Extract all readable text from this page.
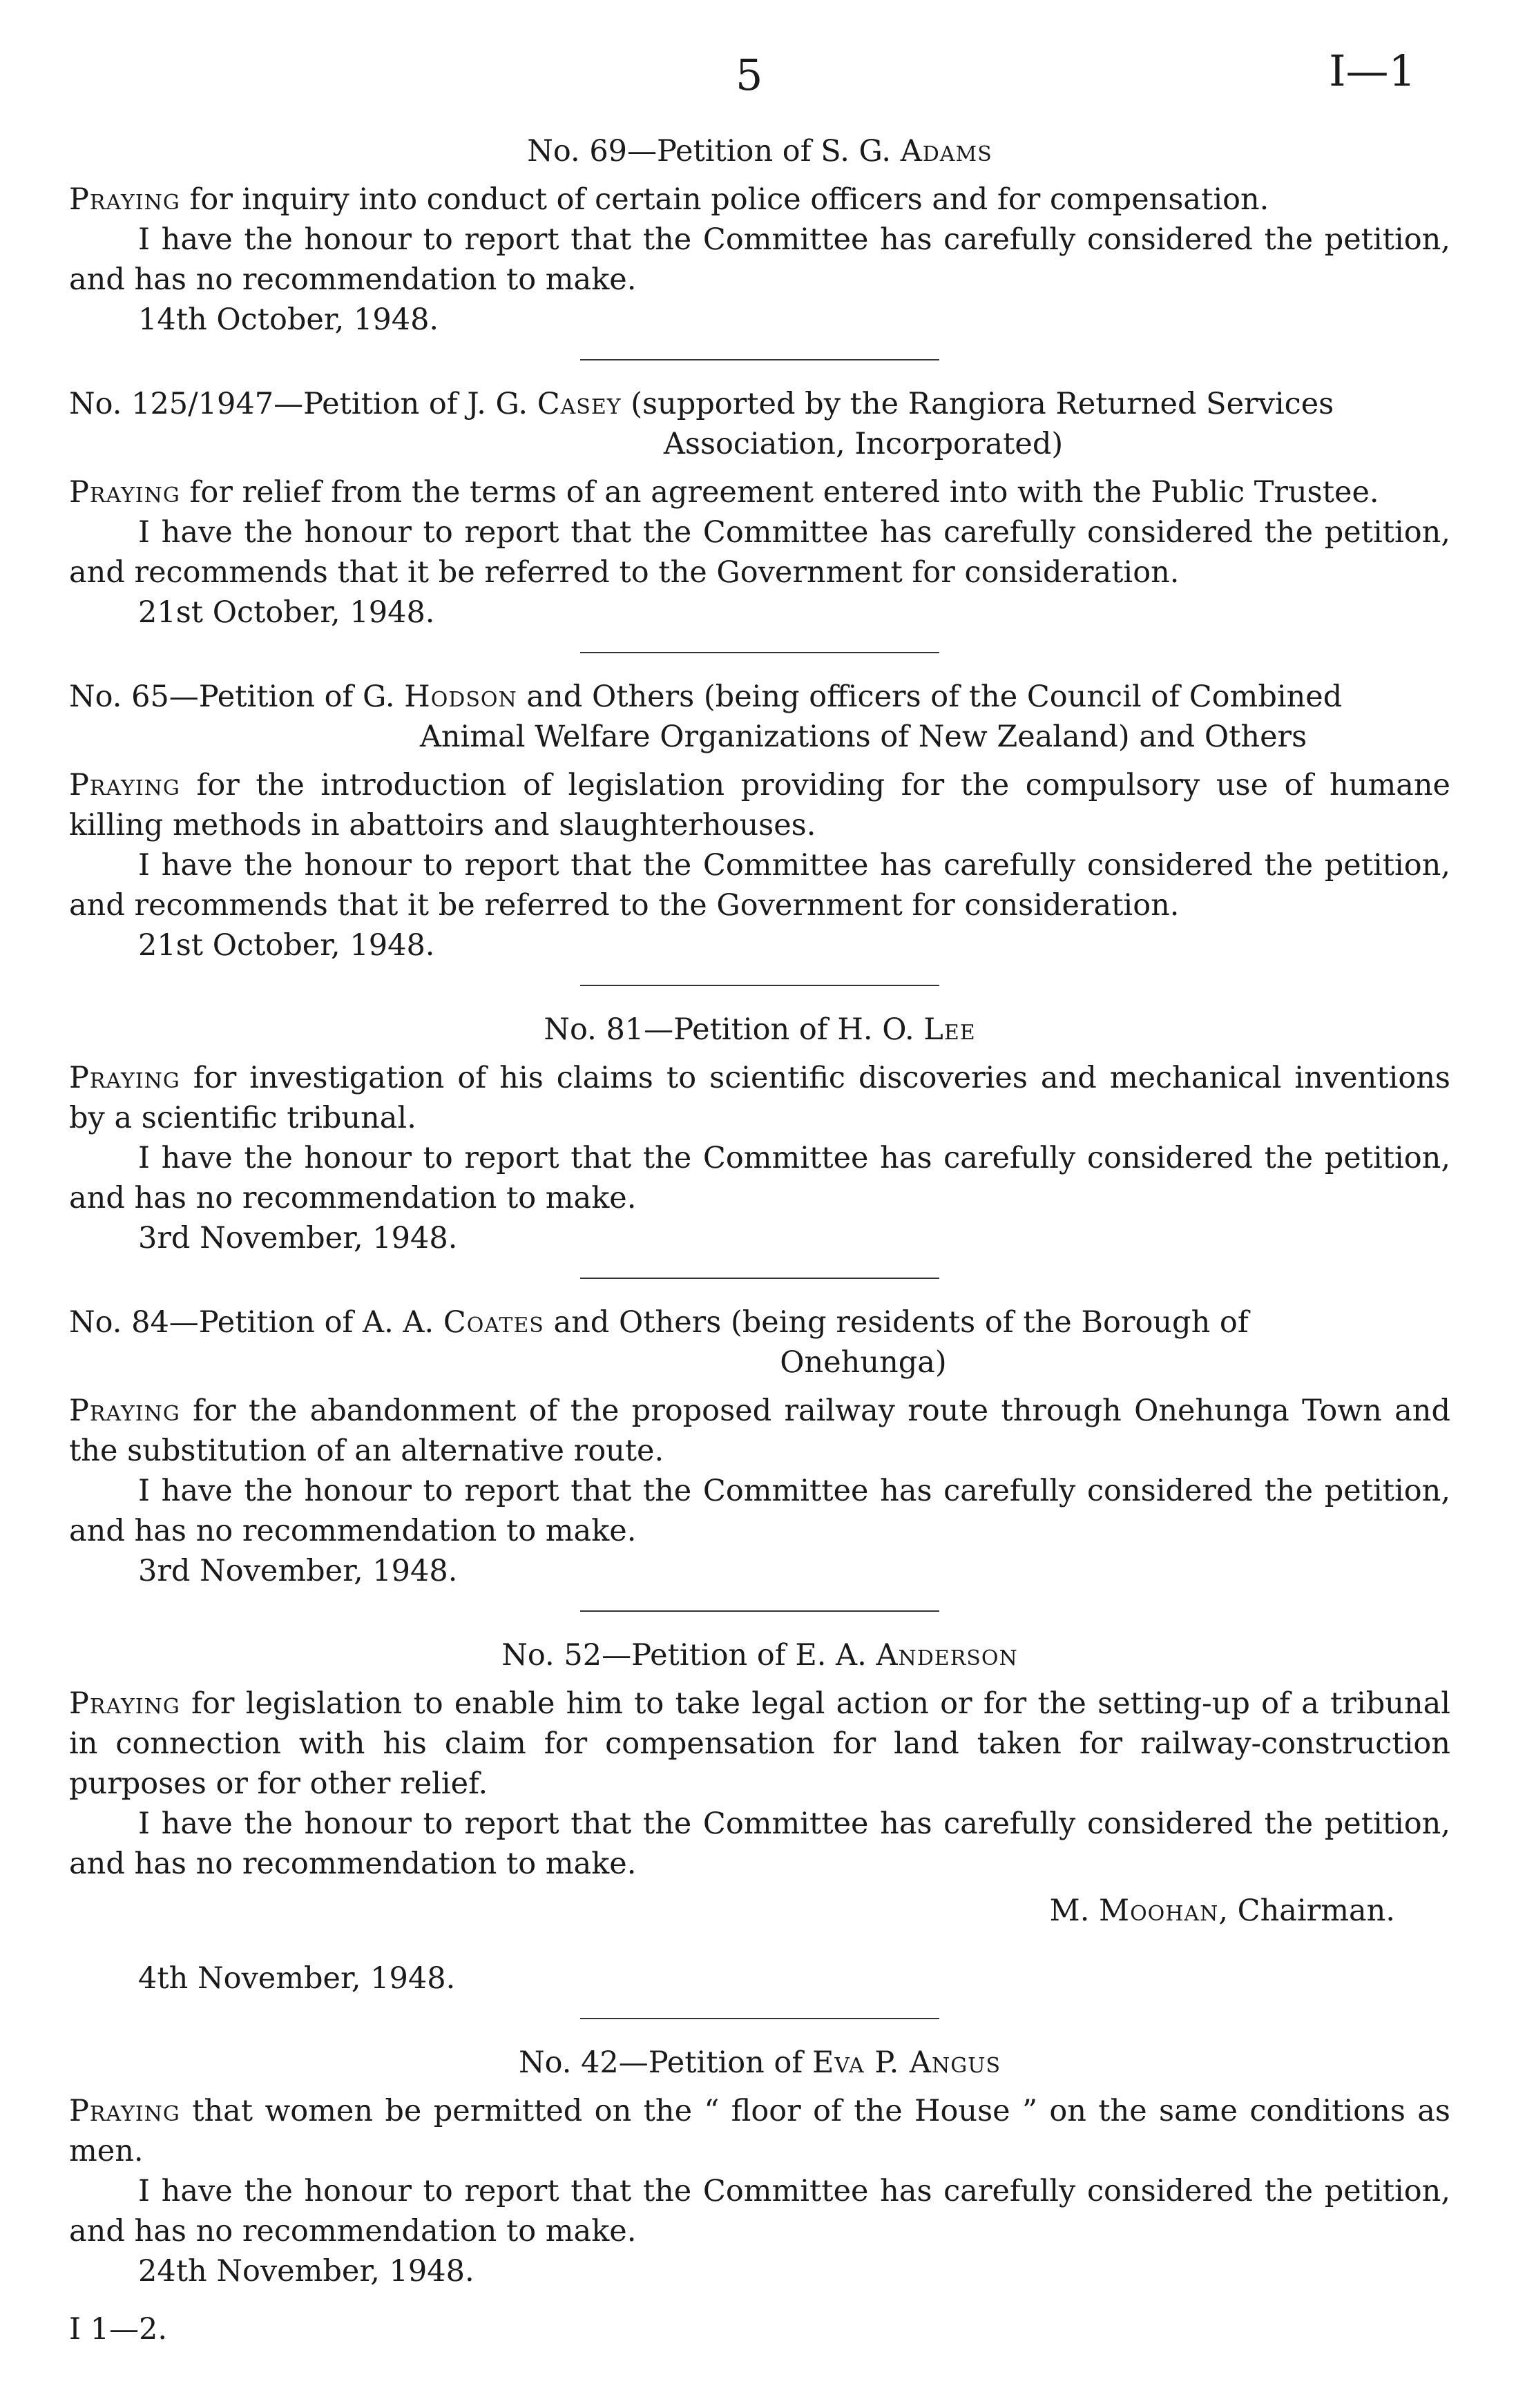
5	I—1

No. 69—Petition of S. G. Adams

Praying for inquiry into conduct of certain police officers and for compensation.

I have the honour to report that the Committee has carefully considered the petition, and has no recommendation to make.

14th October, 1948.

No. 125/1947—Petition of J. G. Casey (supported by the Rangiora Returned Services
Association, Incorporated)

Praying for relief from the terms of an agreement entered into with the Public Trustee.

I have the honour to report that the Committee has carefully considered the petition, and recommends that it be referred to the Government for consideration.

21st October, 1948.

No. 65—Petition of G. Hodson and Others (being officers of the Council of Combined
Animal Welfare Organizations of New Zealand) and Others

Praying for the introduction of legislation providing for the compulsory use of humane killing methods in abattoirs and slaughterhouses.

I have the honour to report that the Committee has carefully considered the petition, and recommends that it be referred to the Government for consideration.

21st October, 1948.

No. 81—Petition of H. O. Lee

Praying for investigation of his claims to scientific discoveries and mechanical inventions by a scientific tribunal.

I have the honour to report that the Committee has carefully considered the petition, and has no recommendation to make.

3rd November, 1948.

No. 84—Petition of A. A. Coates and Others (being residents of the Borough of
Onehunga)

Praying for the abandonment of the proposed railway route through Onehunga Town and the substitution of an alternative route.

I have the honour to report that the Committee has carefully considered the petition, and has no recommendation to make.

3rd November, 1948.

No. 52—Petition of E. A. Anderson

Praying for legislation to enable him to take legal action or for the setting-up of a tribunal in connection with his claim for compensation for land taken for railway-construction purposes or for other relief.

I have the honour to report that the Committee has carefully considered the petition, and has no recommendation to make.

M. Moohan, Chairman.

4th November, 1948.

No. 42—Petition of Eva P. Angus

Praying that women be permitted on the “ floor of the House ” on the same conditions as men.

I have the honour to report that the Committee has carefully considered the petition, and has no recommendation to make.

24th November, 1948.

I 1—2.
